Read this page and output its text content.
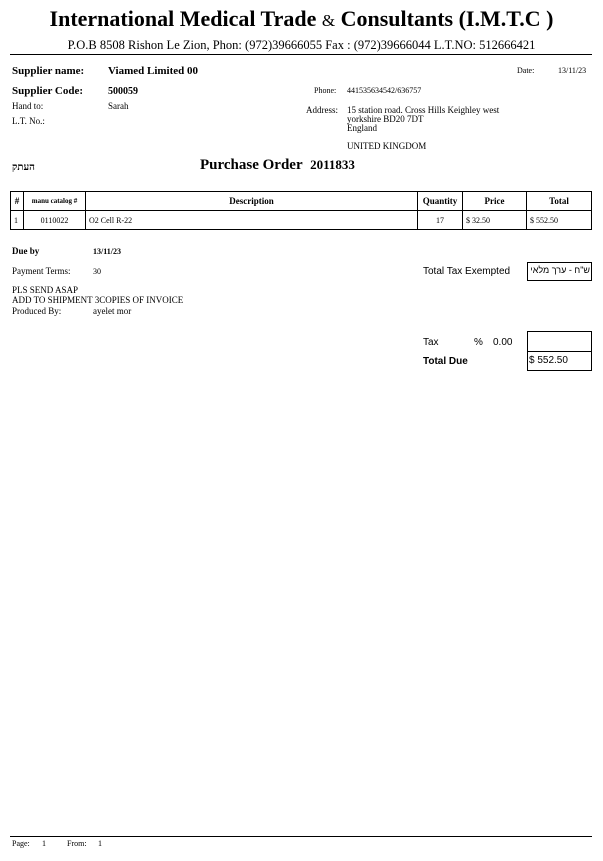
International Medical Trade & Consultants (I.M.T.C )
P.O.B 8508 Rishon Le Zion, Phon: (972)39666055 Fax : (972)39666044 L.T.NO: 512666421
Supplier name: Viamed Limited 00
Supplier Code: 500059
Hand to:	Sarah
L.T. No.:
Date:	13/11/23
Phone: 441535634542/636757
Address: 15 station road. Cross Hills Keighley west
yorkshire BD20 7DT
England
UNITED KINGDOM
העתק	Purchase Order 2011833
#	manu catalog #	Description	Quantity	Price	Total
1	0110022	O2 Cell R-22	17	$ 32.50	$ 552.50
Due by	13/11/23
Payment Terms:	30	Total Tax Exempted ש"ח - ערך מלאי
PLS SEND ASAP
ADD TO SHIPMENT 3COPIES OF INVOICE
Produced By:	ayelet mor
Tax	% 0.00
Total Due	$ 552.50
Page: 1	From: 1
